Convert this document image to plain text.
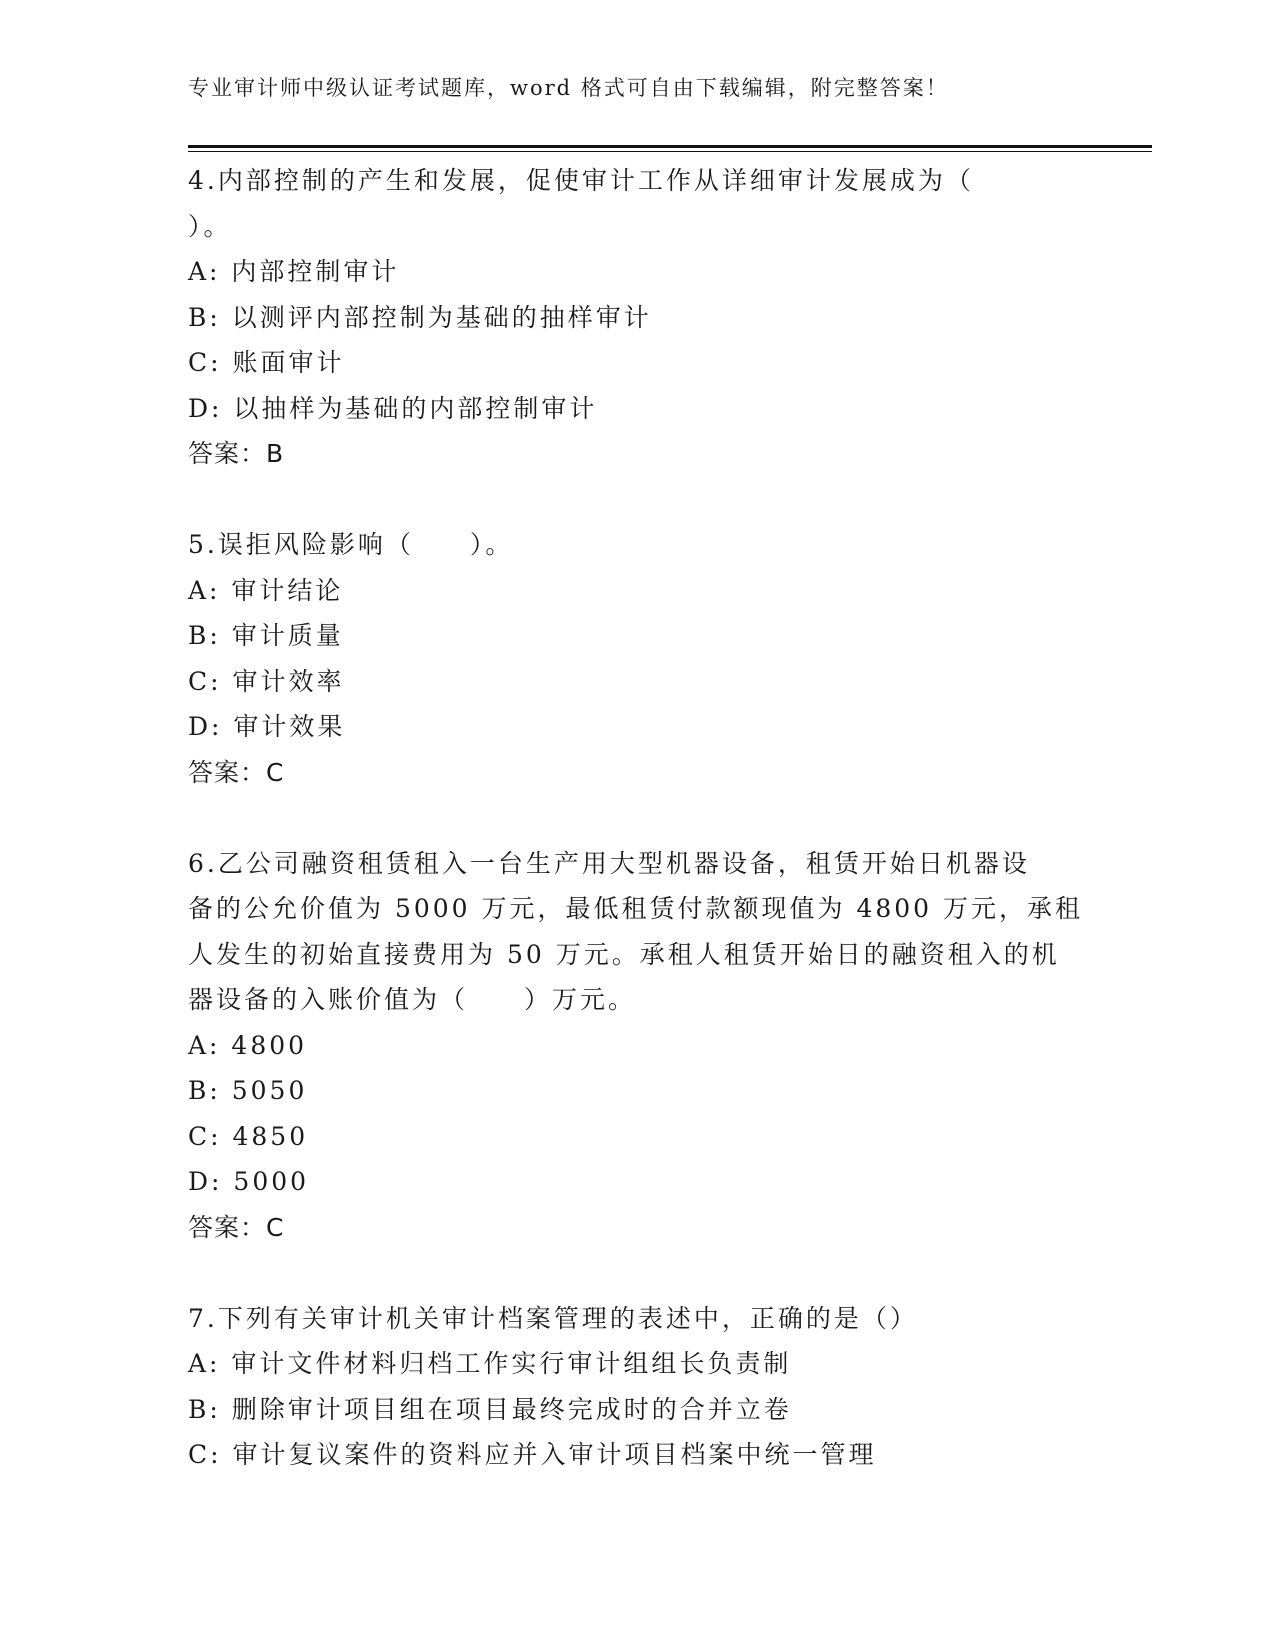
专业审计师中级认证考试题库，word 格式可自由下载编辑，附完整答案！
4.内部控制的产生和发展，促使审计工作从详细审计发展成为（
）。
A: 内部控制审计
B: 以测评内部控制为基础的抽样审计
C: 账面审计
D: 以抽样为基础的内部控制审计
答案：B
5.误拒风险影响（　　）。
A: 审计结论
B: 审计质量
C: 审计效率
D: 审计效果
答案：C
6.乙公司融资租赁租入一台生产用大型机器设备，租赁开始日机器设
备的公允价值为 5000 万元，最低租赁付款额现值为 4800 万元，承租
人发生的初始直接费用为 50 万元。承租人租赁开始日的融资租入的机
器设备的入账价值为（　　）万元。
A: 4800
B: 5050
C: 4850
D: 5000
答案：C
7.下列有关审计机关审计档案管理的表述中，正确的是（）
A: 审计文件材料归档工作实行审计组组长负责制
B: 删除审计项目组在项目最终完成时的合并立卷
C: 审计复议案件的资料应并入审计项目档案中统一管理
